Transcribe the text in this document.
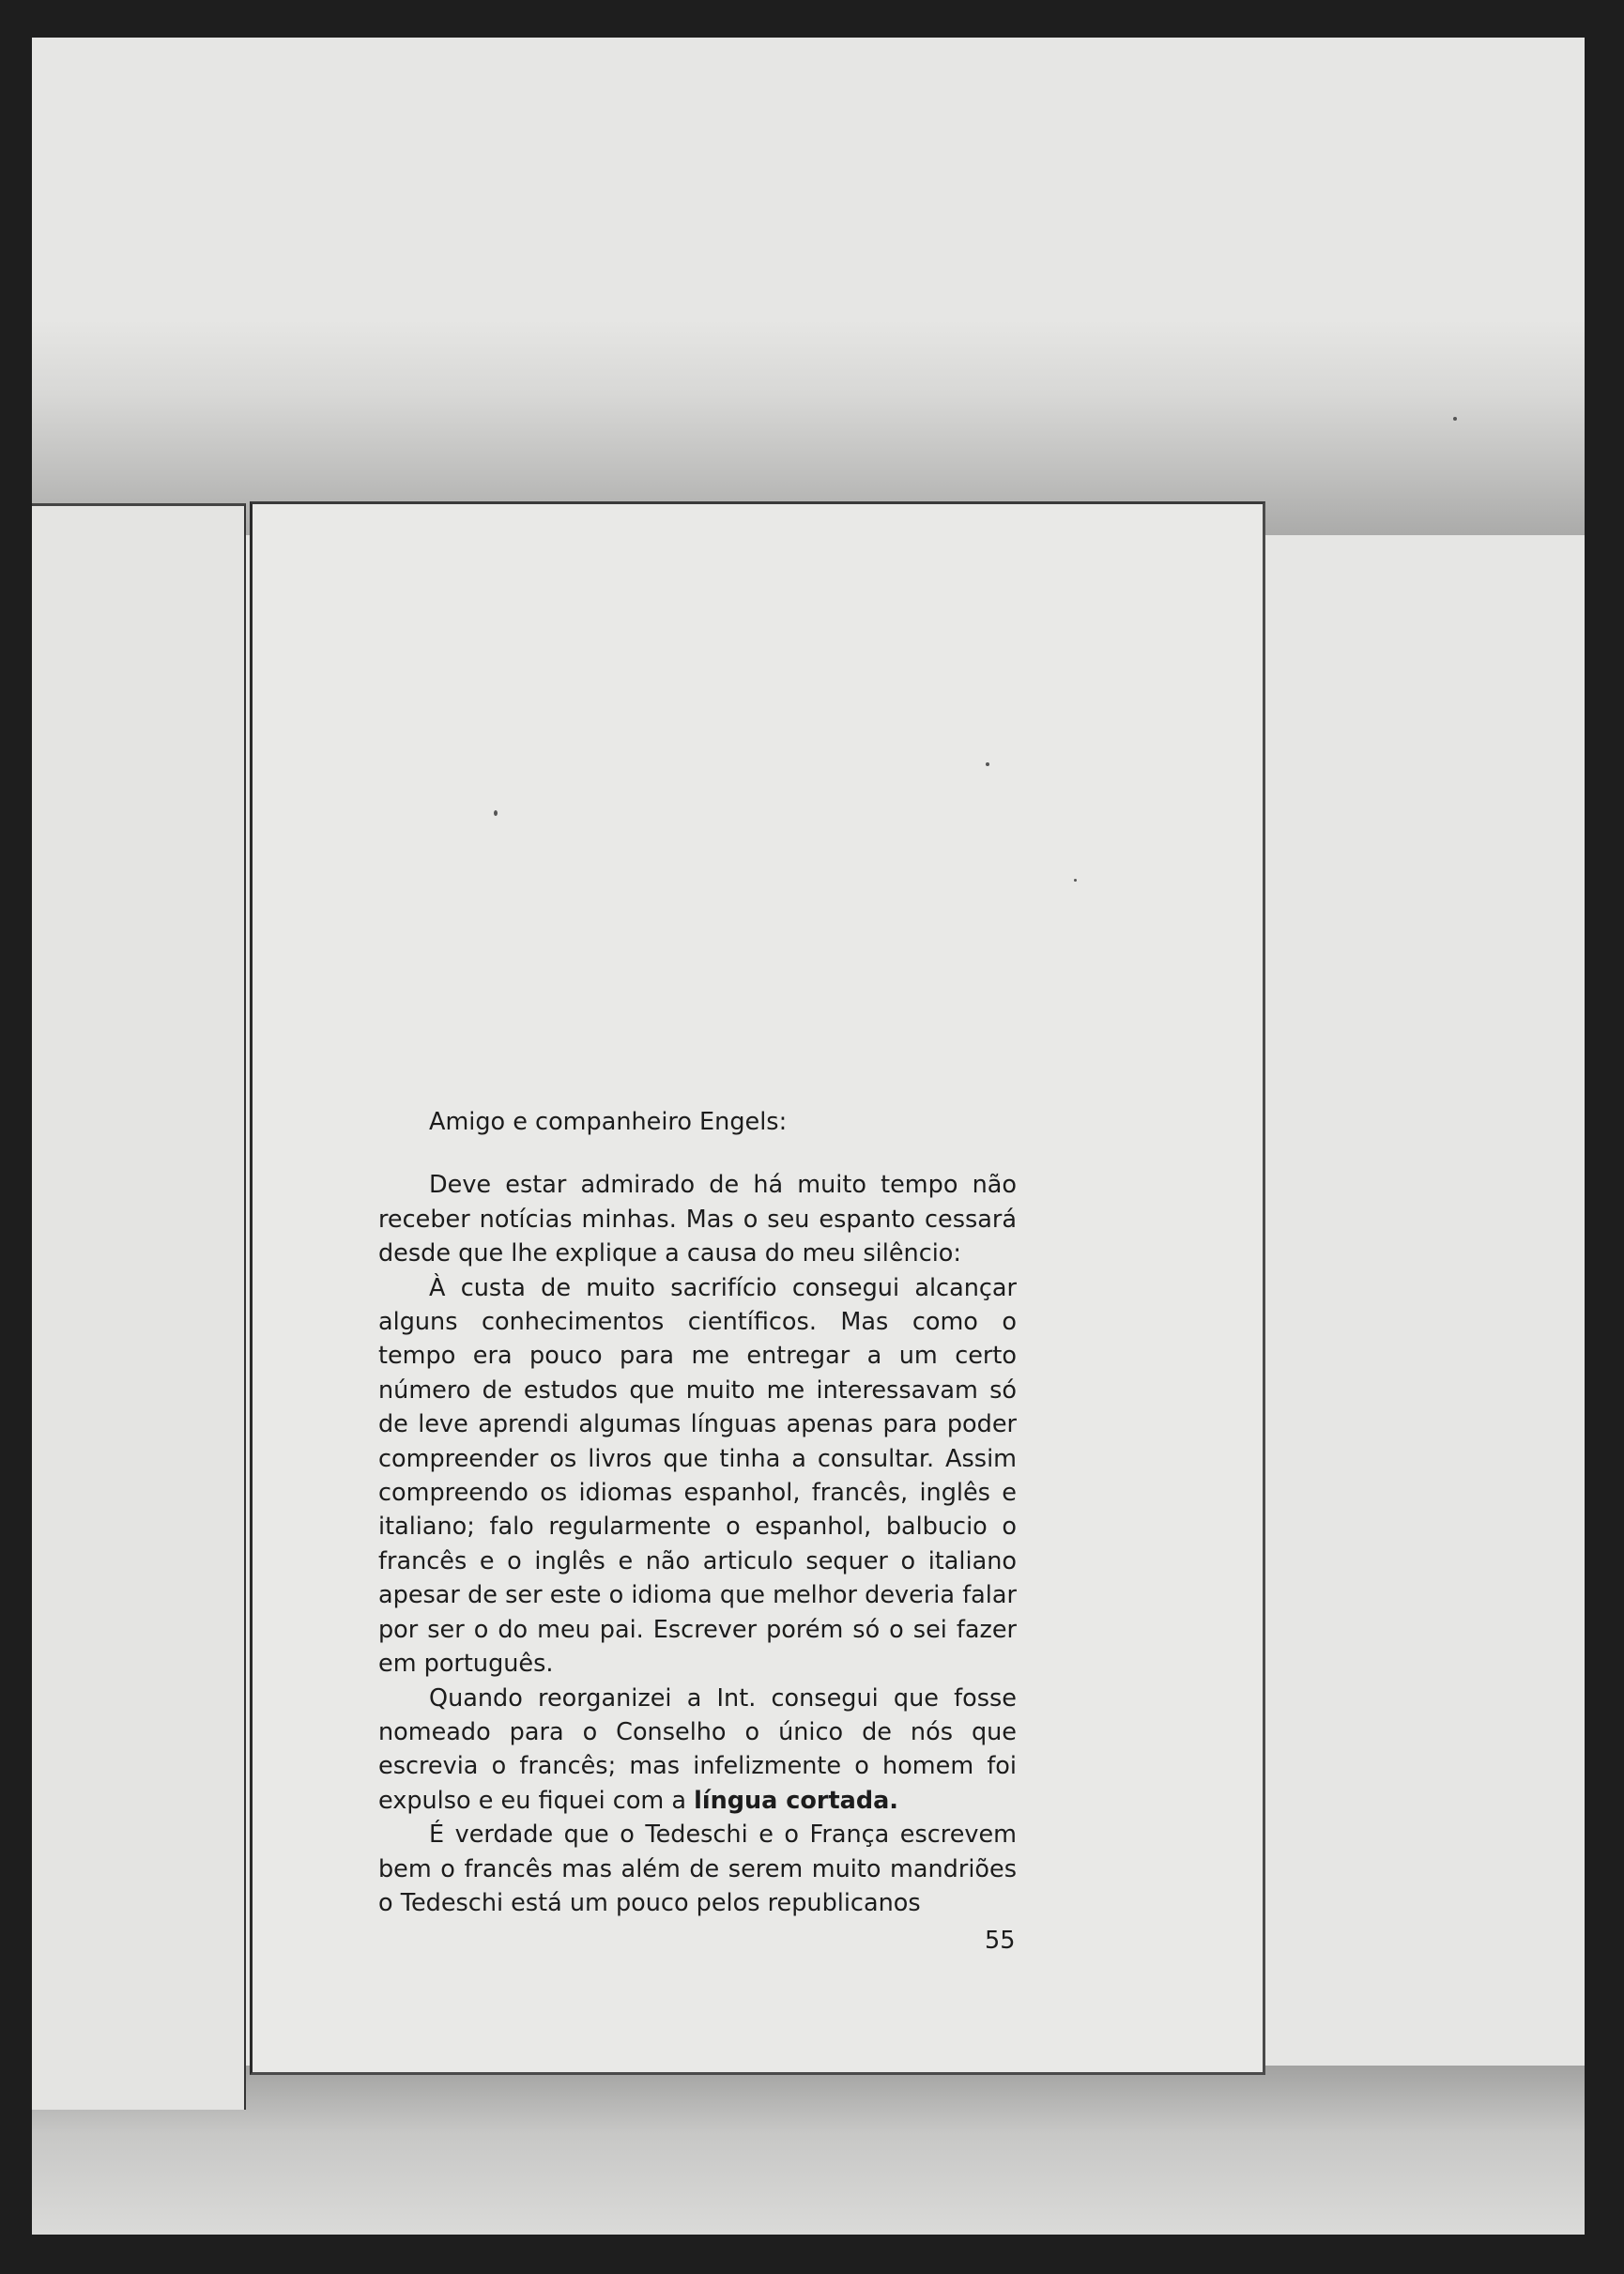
Amigo e companheiro Engels:

Deve estar admirado de há muito tempo não receber notícias minhas. Mas o seu espanto cessará desde que lhe explique a causa do meu silêncio:

À custa de muito sacrifício consegui alcançar alguns conhecimentos científicos. Mas como o tempo era pouco para me entregar a um certo número de estudos que muito me interessavam só de leve aprendi algumas línguas apenas para poder compreender os livros que tinha a consultar. Assim compreendo os idiomas espanhol, francês, inglês e italiano; falo regularmente o espanhol, balbucio o francês e o inglês e não articulo sequer o italiano apesar de ser este o idioma que melhor deveria falar por ser o do meu pai. Escrever porém só o sei fazer em português.

Quando reorganizei a Int. consegui que fosse nomeado para o Conselho o único de nós que escrevia o francês; mas infelizmente o homem foi expulso e eu fiquei com a língua cortada.

É verdade que o Tedeschi e o França escrevem bem o francês mas além de serem muito mandriões o Tedeschi está um pouco pelos republicanos

55
